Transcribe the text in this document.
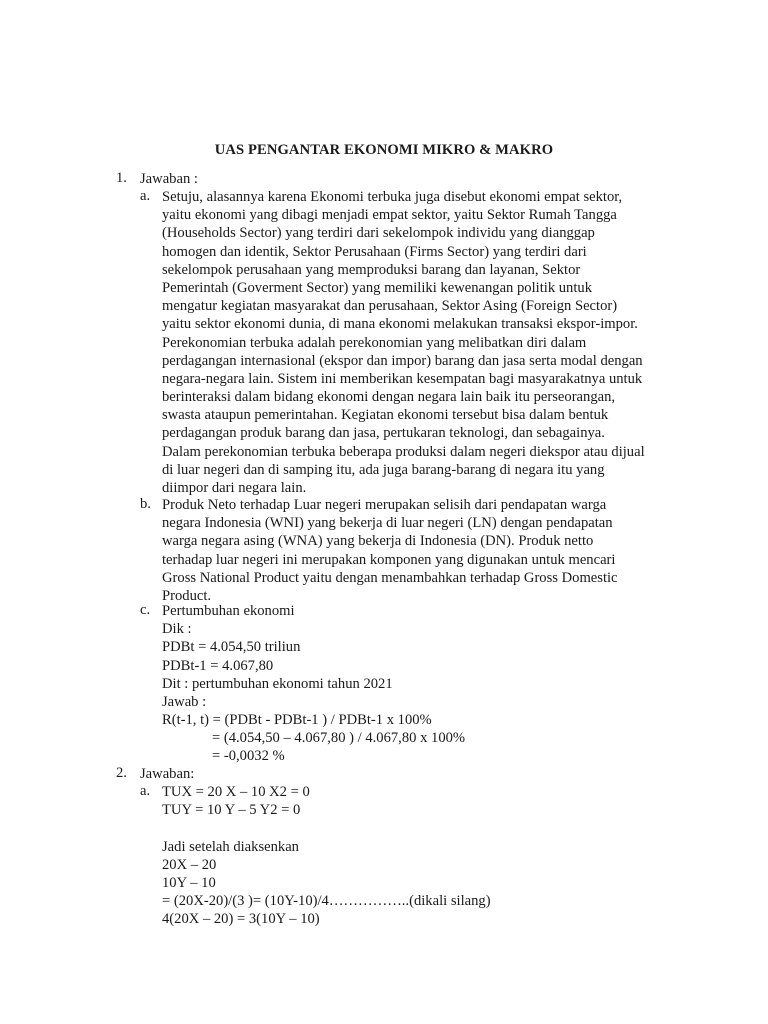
UAS PENGANTAR EKONOMI MIKRO & MAKRO
1. Jawaban :
a. Setuju, alasannya karena Ekonomi terbuka juga disebut ekonomi empat sektor,
yaitu ekonomi yang dibagi menjadi empat sektor, yaitu Sektor Rumah Tangga
(Households Sector) yang terdiri dari sekelompok individu yang dianggap
homogen dan identik, Sektor Perusahaan (Firms Sector) yang terdiri dari
sekelompok perusahaan yang memproduksi barang dan layanan, Sektor
Pemerintah (Goverment Sector) yang memiliki kewenangan politik untuk
mengatur kegiatan masyarakat dan perusahaan, Sektor Asing (Foreign Sector)
yaitu sektor ekonomi dunia, di mana ekonomi melakukan transaksi ekspor-impor.
Perekonomian terbuka adalah perekonomian yang melibatkan diri dalam
perdagangan internasional (ekspor dan impor) barang dan jasa serta modal dengan
negara-negara lain. Sistem ini memberikan kesempatan bagi masyarakatnya untuk
berinteraksi dalam bidang ekonomi dengan negara lain baik itu perseorangan,
swasta ataupun pemerintahan. Kegiatan ekonomi tersebut bisa dalam bentuk
perdagangan produk barang dan jasa, pertukaran teknologi, dan sebagainya.
Dalam perekonomian terbuka beberapa produksi dalam negeri diekspor atau dijual
di luar negeri dan di samping itu, ada juga barang-barang di negara itu yang
diimpor dari negara lain.
b. Produk Neto terhadap Luar negeri merupakan selisih dari pendapatan warga
negara Indonesia (WNI) yang bekerja di luar negeri (LN) dengan pendapatan
warga negara asing (WNA) yang bekerja di Indonesia (DN). Produk netto
terhadap luar negeri ini merupakan komponen yang digunakan untuk mencari
Gross National Product yaitu dengan menambahkan terhadap Gross Domestic
Product.
c. Pertumbuhan ekonomi
Dik :
PDBt = 4.054,50 triliun
PDBt-1 = 4.067,80
Dit : pertumbuhan ekonomi tahun 2021
Jawab :
R(t-1, t) = (PDBt - PDBt-1 ) / PDBt-1 x 100%
= (4.054,50 – 4.067,80 ) / 4.067,80 x 100%
= -0,0032 %
2. Jawaban:
a. TUX = 20 X – 10 X2 = 0
TUY = 10 Y – 5 Y2 = 0

Jadi setelah diaksenkan
20X – 20
10Y – 10
= (20X-20)/(3 )= (10Y-10)/4……………..(dikali silang)
4(20X – 20) = 3(10Y – 10)
